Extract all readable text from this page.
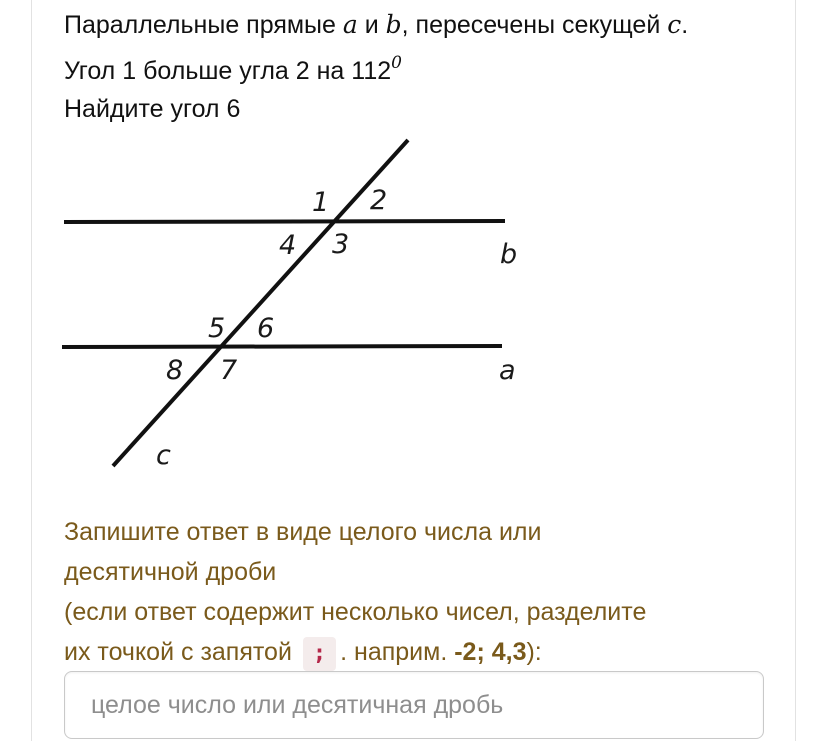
Параллельные прямые a и b, пересечены секущей c.
Угол 1 больше угла 2 на $112^0$
Найдите угол 6
1 2
3
4
5 6
7
8
b
a
c
Запишите ответ в виде целого числа или
десятичной дроби
(если ответ содержит несколько чисел, разделите
их точкой с запятой ; . наприм. -2; 4,3):
целое число или десятичная дробь
